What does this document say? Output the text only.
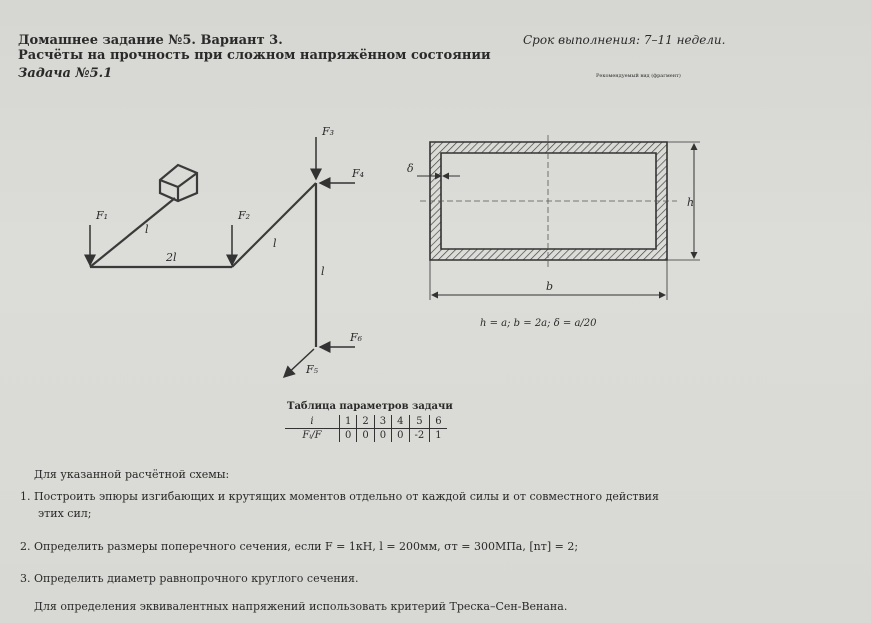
Домашнее задание №5. Вариант 3.	Срок выполнения: 7–11 недели.
Расчёты на прочность при сложном напряжённом состоянии
Задача №5.1	Рекомендуемый вид (фрагмент)
F₁	F₂
F₃
F₄
F₆
F₅
l
2l
l
l
δ
h
b
h = a; b = 2a; δ = a/20
Таблица параметров задачи
i	1	2	3	4	5	6
Fᵢ/F	0	0	0	0	-2	1
Для указанной расчётной схемы:
1. Построить эпюры изгибающих и крутящих моментов отдельно от каждой силы и от совместного действия
этих сил;
2. Определить размеры поперечного сечения, если F = 1кН, l = 200мм, σт = 300МПа, [nт] = 2;
3. Определить диаметр равнопрочного круглого сечения.
Для определения эквивалентных напряжений использовать критерий Треска–Сен-Венана.
